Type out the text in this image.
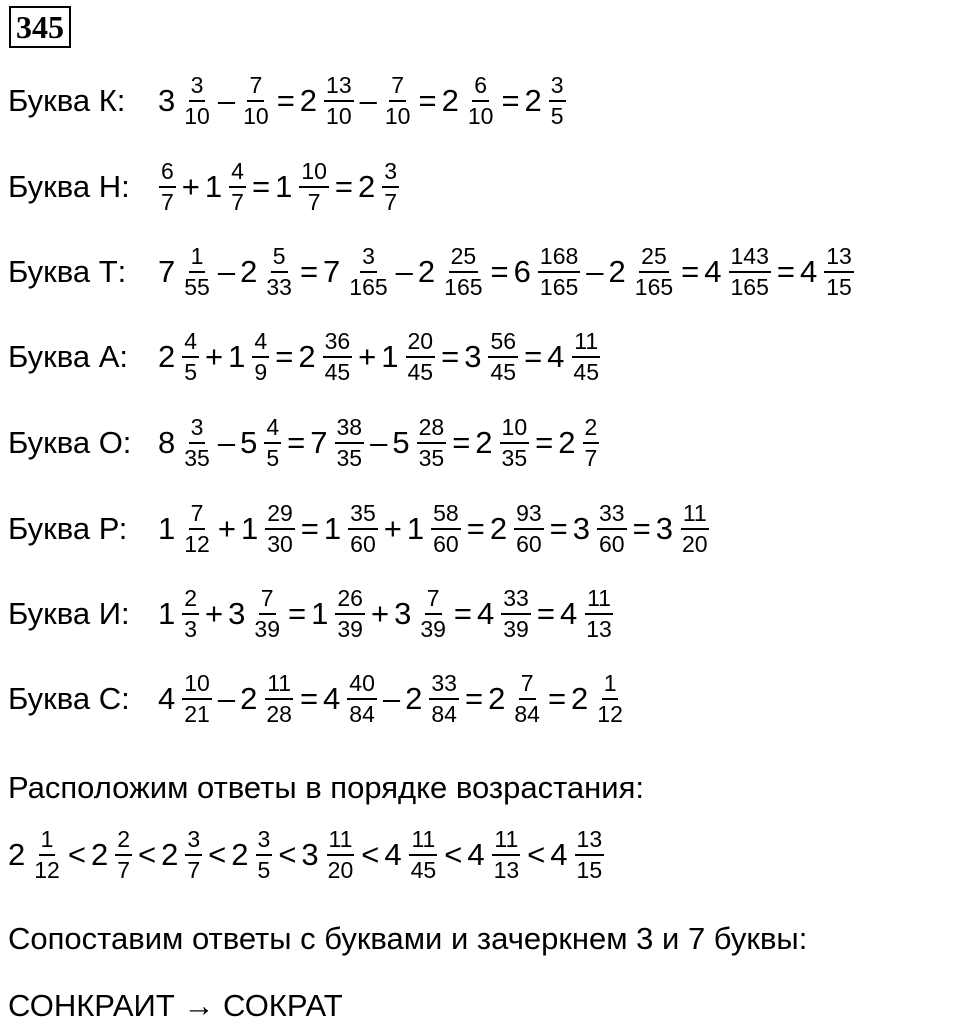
345
Буква К:	$3 \frac{3}{10} - \frac{7}{10} = 2 \frac{13}{10} - \frac{7}{10} = 2 \frac{6}{10} = 2 \frac{3}{5}$
Буква Н:	$\frac{6}{7} + 1 \frac{4}{7} = 1 \frac{10}{7} = 2 \frac{3}{7}$
Буква Т:	$7 \frac{1}{55} - 2 \frac{5}{33} = 7 \frac{3}{165} - 2 \frac{25}{165} = 6 \frac{168}{165} - 2 \frac{25}{165} = 4 \frac{143}{165} = 4 \frac{13}{15}$
Буква А: $2 \frac{4}{5} + 1 \frac{4}{9} = 2 \frac{36}{45} + 1 \frac{20}{45} = 3 \frac{56}{45} = 4 \frac{11}{45}$
Буква О: $8 \frac{3}{35} - 5 \frac{4}{5} = 7 \frac{38}{35} - 5 \frac{28}{35} = 2 \frac{10}{35} = 2 \frac{2}{7}$
Буква Р: $1 \frac{7}{12} + 1 \frac{29}{30} = 1 \frac{35}{60} + 1 \frac{58}{60} = 2 \frac{93}{60} = 3 \frac{33}{60} = 3 \frac{11}{20}$
Буква И: $1 \frac{2}{3} + 3 \frac{7}{39} = 1 \frac{26}{39} + 3 \frac{7}{39} = 4 \frac{33}{39} = 4 \frac{11}{13}$
Буква С: $4 \frac{10}{21} - 2 \frac{11}{28} = 4 \frac{40}{84} - 2 \frac{33}{84} = 2 \frac{7}{84} = 2 \frac{1}{12}$
$2 \frac{1}{12} < 2 \frac{2}{7} < 2 \frac{3}{7} < 2 \frac{3}{5} < 3 \frac{11}{20} < 4 \frac{11}{45} < 4 \frac{11}{13} < 4 \frac{13}{15}$
Расположим ответы в порядке возрастания:
Сопоставим ответы с буквами и зачеркнем 3 и 7 буквы:
СОНКРАИТ → СОКРАТ
